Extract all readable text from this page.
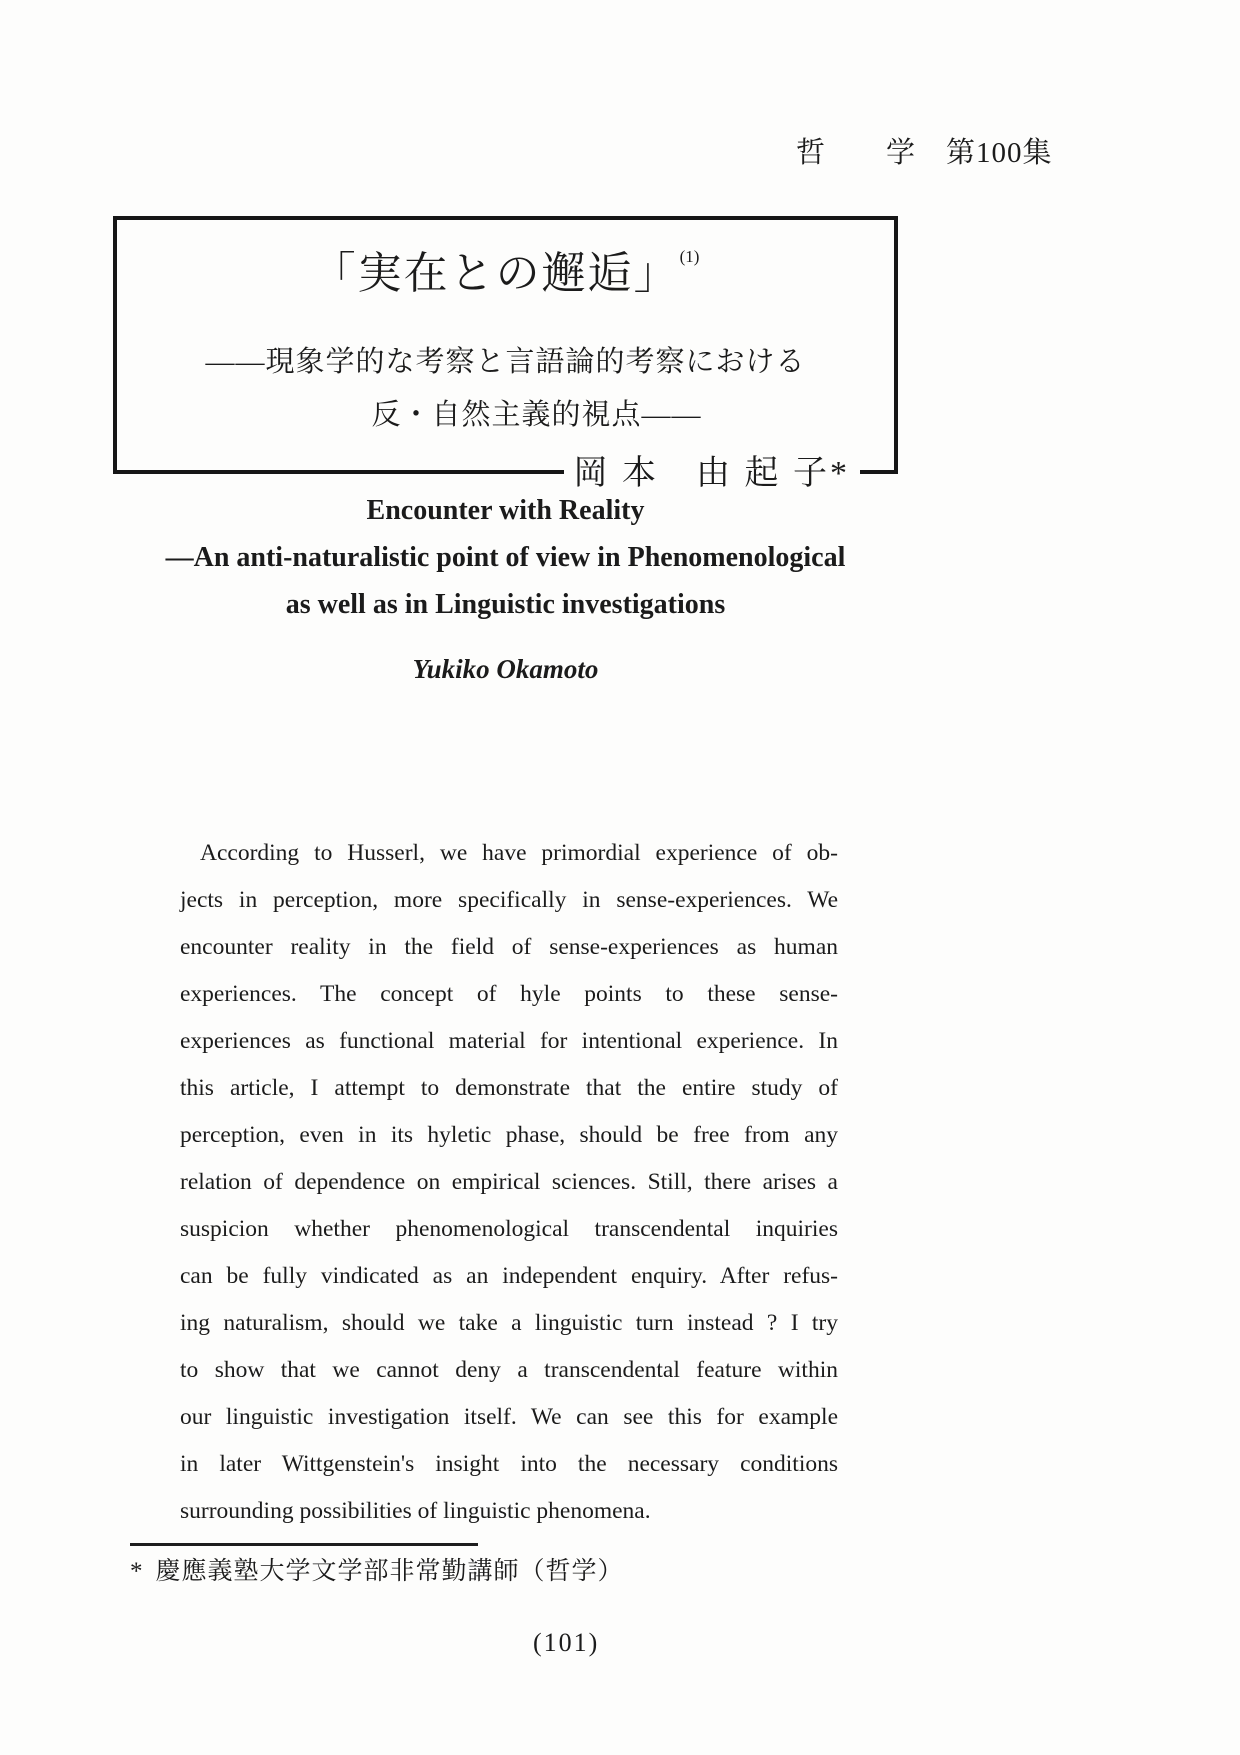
哲　　学　第100集
「実在との邂逅」$^{(1)}$
——現象学的な考察と言語論的考察における
反・自然主義的視点——
岡 本　由 起 子*
Encounter with Reality
—An anti-naturalistic point of view in Phenomenological
as well as in Linguistic investigations
Yukiko Okamoto
According to Husserl, we have primordial experience of ob-
jects in perception, more specifically in sense-experiences. We
encounter reality in the field of sense-experiences as human
experiences. The concept of hyle points to these sense-
experiences as functional material for intentional experience. In
this article, I attempt to demonstrate that the entire study of
perception, even in its hyletic phase, should be free from any
relation of dependence on empirical sciences. Still, there arises a
suspicion whether phenomenological transcendental inquiries
can be fully vindicated as an independent enquiry. After refus-
ing naturalism, should we take a linguistic turn instead ? I try
to show that we cannot deny a transcendental feature within
our linguistic investigation itself. We can see this for example
in later Wittgenstein's insight into the necessary conditions
surrounding possibilities of linguistic phenomena.
* 慶應義塾大学文学部非常勤講師（哲学）
(101)
